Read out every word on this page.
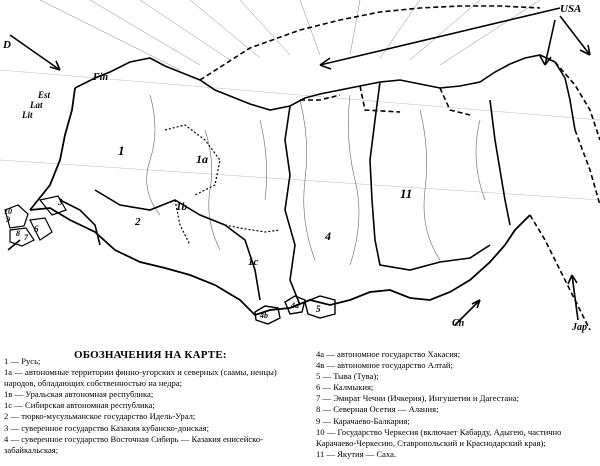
USA
D
Fin
Est
Lat
Lit
Ch	Jap
1
1a
1b
1c
2
3
4
4a
4b
5
6
7
8
9
10
11
ОБОЗНАЧЕНИЯ НА КАРТЕ:
1 — Русь;
1а — автономные территории финно-угорских и северных (саамы, ненцы)
народов, обладающих собственностью на недра;
1в — Уральская автономная республика;
1с — Сибирская автономная республика;
2 — тюрко-мусульманское государство Идель-Урал;
3 — суверенное государство Казакия кубанско-донская;
4 — суверенное государство Восточная Сибирь — Казакия енисейско-
забайкальская;
4а — автономное государство Хакасия;
4в — автономное государство Алтай;
5 — Тыва (Тува);
6 — Калмыкия;
7 — Эмират Чечни (Ичкерия), Ингушетии и Дагестана;
8 — Северная Осетия — Алания;
9 — Карачаево-Балкария;
10 — Государство Черкесия (включает Кабарду, Адыгею, частично
Карачаево-Черкесию, Ставропольский и Краснодарский края);
11 — Якутия — Саха.
